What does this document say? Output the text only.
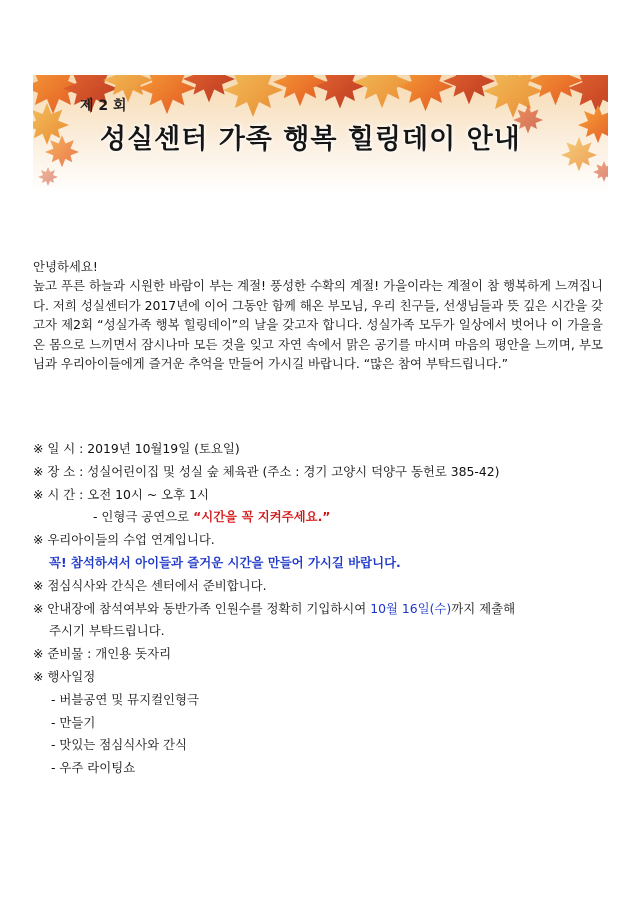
제 2 회
성실센터 가족 행복 힐링데이 안내
안녕하세요!
높고 푸른 하늘과 시원한 바람이 부는 계절! 풍성한 수확의 계절! 가을이라는 계절이 참 행복하게 느껴집니다. 저희 성실센터가 2017년에 이어 그동안 함께 해온 부모님, 우리 친구들, 선생님들과 뜻 깊은 시간을 갖고자 제2회 “성실가족 행복 힐링데이”의 날을 갖고자 합니다. 성실가족 모두가 일상에서 벗어나 이 가을을 온 몸으로 느끼면서 잠시나마 모든 것을 잊고 자연 속에서 맑은 공기를 마시며 마음의 평안을 느끼며, 부모님과 우리아이들에게 즐거운 추억을 만들어 가시길 바랍니다. “많은 참여 부탁드립니다.”
※ 일 시 : 2019년 10월19일 (토요일)
※ 장 소 : 성실어린이집 및 성실 숲 체육관 (주소 : 경기 고양시 덕양구 동헌로 385-42)
※ 시 간 : 오전 10시 ~ 오후 1시
- 인형극 공연으로 “시간을 꼭 지켜주세요.”
※ 우리아이들의 수업 연계입니다.
꼭! 참석하셔서 아이들과 즐거운 시간을 만들어 가시길 바랍니다.
※ 점심식사와 간식은 센터에서 준비합니다.
※ 안내장에 참석여부와 동반가족 인원수를 정확히 기입하시여 10월 16일(수)까지 제출해
주시기 부탁드립니다.
※ 준비물 : 개인용 돗자리
※ 행사일정
- 버블공연 및 뮤지컬인형극
- 만들기
- 맛있는 점심식사와 간식
- 우주 라이팅쇼
